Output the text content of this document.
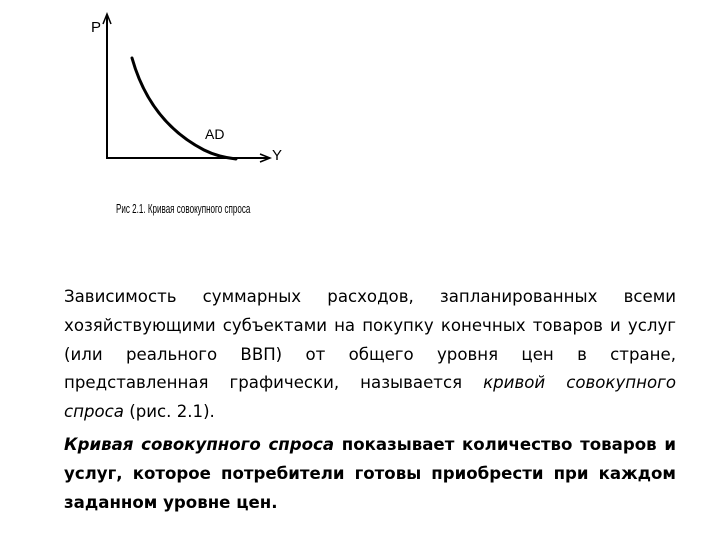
P
Y
AD
Рис 2.1. Кривая совокупного спроса

Зависимость суммарных расходов, запланированных всеми хозяйствующими субъектами на покупку конечных товаров и услуг (или реального ВВП) от общего уровня цен в стране, представленная графически, называется кривой совокупного спроса (рис. 2.1).

Кривая совокупного спроса показывает количество товаров и услуг, которое потребители готовы приобрести при каждом заданном уровне цен.
